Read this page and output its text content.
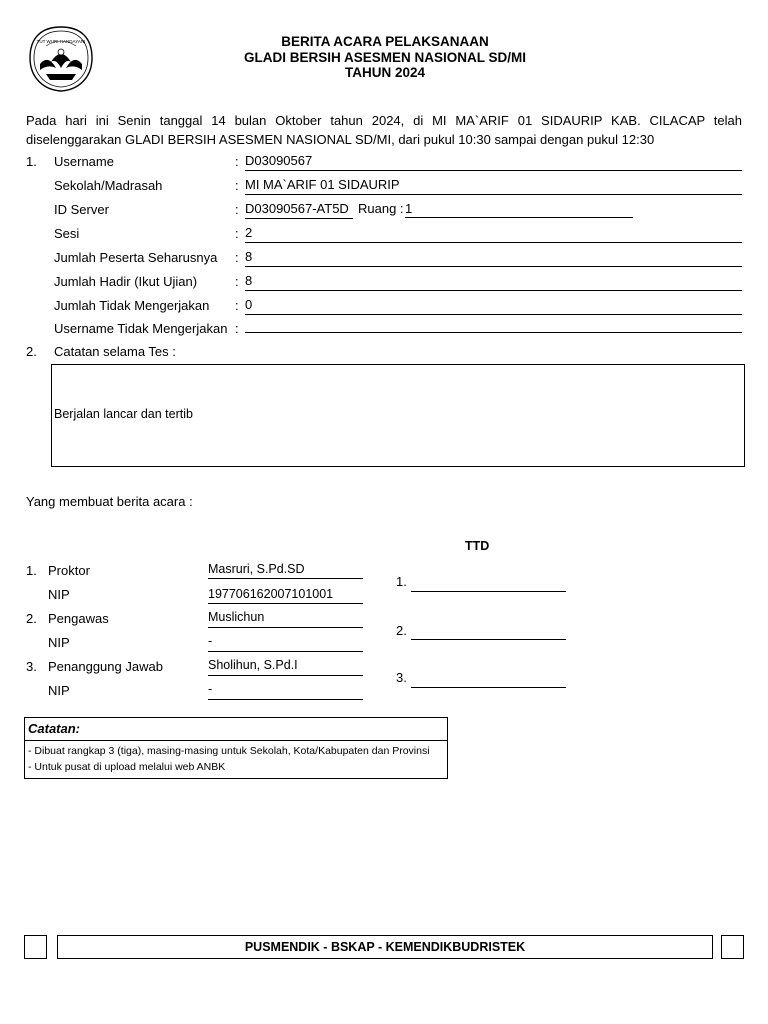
TUT WURI HANDAYANI	BERITA ACARA PELAKSANAAN
GLADI BERSIH ASESMEN NASIONAL SD/MI
TAHUN 2024
Pada hari ini Senin tanggal 14 bulan Oktober tahun 2024, di MI MA`ARIF 01 SIDAURIP KAB. CILACAP telah
diselenggarakan GLADI BERSIH ASESMEN NASIONAL SD/MI, dari pukul 10:30 sampai dengan pukul 12:30
1. Username	: D03090567
Sekolah/Madrasah	: MI MA`ARIF 01 SIDAURIP
ID Server	: D03090567-AT5D Ruang : 1
Sesi	: 2
Jumlah Peserta Seharusnya : 8
Jumlah Hadir (Ikut Ujian)	: 8
Jumlah Tidak Mengerjakan : 0
Username Tidak Mengerjakan :
2. Catatan selama Tes :
Berjalan lancar dan tertib
Yang membuat berita acara :
TTD
1. Proktor	Masruri, S.Pd.SD
NIP	197706162007101001
1.
2. Pengawas	Muslichun
NIP	-
2.
3. Penanggung Jawab	Sholihun, S.Pd.I
NIP	-
3.
Catatan:
- Dibuat rangkap 3 (tiga), masing-masing untuk Sekolah, Kota/Kabupaten dan Provinsi
- Untuk pusat di upload melalui web ANBK
PUSMENDIK - BSKAP - KEMENDIKBUDRISTEK
